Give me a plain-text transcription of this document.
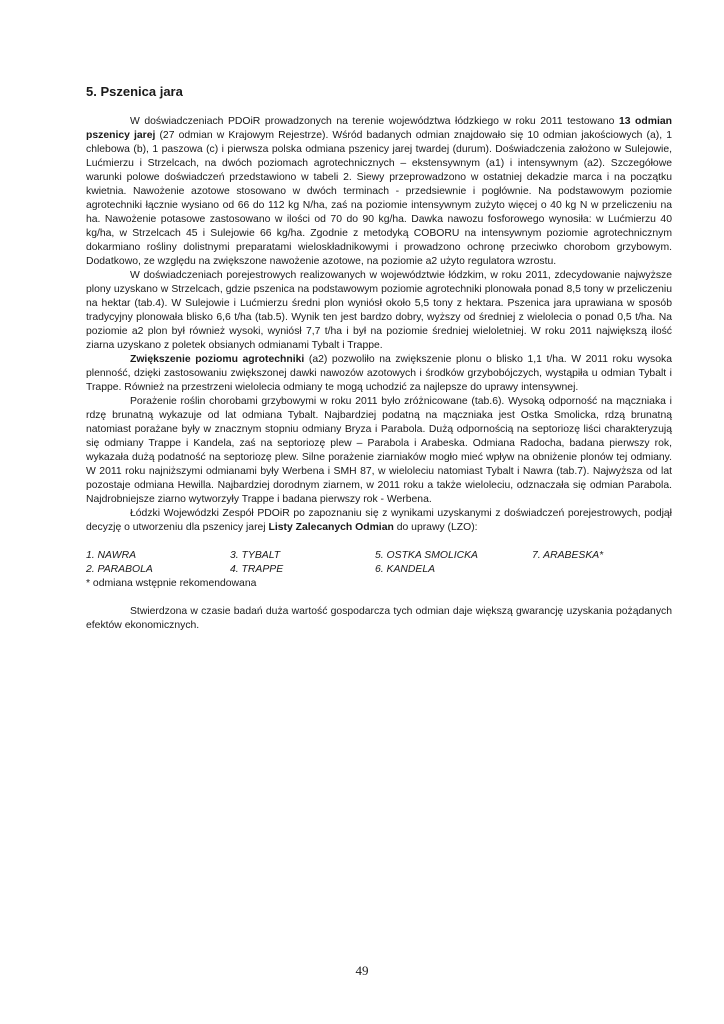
5. Pszenica jara

W doświadczeniach PDOiR prowadzonych na terenie województwa łódzkiego w roku 2011 testowano 13 odmian pszenicy jarej (27 odmian w Krajowym Rejestrze). Wśród badanych odmian znajdowało się 10 odmian jakościowych (a), 1 chlebowa (b), 1 paszowa (c) i pierwsza polska odmiana pszenicy jarej twardej (durum). Doświadczenia założono w Sulejowie, Lućmierzu i Strzelcach, na dwóch poziomach agrotechnicznych – ekstensywnym (a1) i intensywnym (a2). Szczegółowe warunki polowe doświadczeń przedstawiono w tabeli 2. Siewy przeprowadzono w ostatniej dekadzie marca i na początku kwietnia. Nawożenie azotowe stosowano w dwóch terminach - przedsiewnie i pogłównie. Na podstawowym poziomie agrotechniki łącznie wysiano od 66 do 112 kg N/ha, zaś na poziomie intensywnym zużyto więcej o 40 kg N w przeliczeniu na ha. Nawożenie potasowe zastosowano w ilości od 70 do 90 kg/ha. Dawka nawozu fosforowego wynosiła: w Lućmierzu 40 kg/ha, w Strzelcach 45 i Sulejowie 66 kg/ha. Zgodnie z metodyką COBORU na intensywnym poziomie agrotechnicznym dokarmiano rośliny dolistnymi preparatami wieloskładnikowymi i prowadzono ochronę przeciwko chorobom grzybowym. Dodatkowo, ze względu na zwiększone nawożenie azotowe, na poziomie a2 użyto regulatora wzrostu.

W doświadczeniach porejestrowych realizowanych w województwie łódzkim, w roku 2011, zdecydowanie najwyższe plony uzyskano w Strzelcach, gdzie pszenica na podstawowym poziomie agrotechniki plonowała ponad 8,5 tony w przeliczeniu na hektar (tab.4). W Sulejowie i Lućmierzu średni plon wyniósł około 5,5 tony z hektara. Pszenica jara uprawiana w sposób tradycyjny plonowała blisko 6,6 t/ha (tab.5). Wynik ten jest bardzo dobry, wyższy od średniej z wielolecia o ponad 0,5 t/ha. Na poziomie a2 plon był również wysoki, wyniósł 7,7 t/ha i był na poziomie średniej wieloletniej. W roku 2011 największą ilość ziarna uzyskano z poletek obsianych odmianami Tybalt i Trappe.

Zwiększenie poziomu agrotechniki (a2) pozwoliło na zwiększenie plonu o blisko 1,1 t/ha. W 2011 roku wysoka plenność, dzięki zastosowaniu zwiększonej dawki nawozów azotowych i środków grzybobójczych, wystąpiła u odmian Tybalt i Trappe. Również na przestrzeni wielolecia odmiany te mogą uchodzić za najlepsze do uprawy intensywnej.

Porażenie roślin chorobami grzybowymi w roku 2011 było zróżnicowane (tab.6). Wysoką odporność na mączniaka i rdzę brunatną wykazuje od lat odmiana Tybalt. Najbardziej podatną na mączniaka jest Ostka Smolicka, rdzą brunatną natomiast porażane były w znacznym stopniu odmiany Bryza i Parabola. Dużą odpornością na septoriozę liści charakteryzują się odmiany Trappe i Kandela, zaś na septoriozę plew – Parabola i Arabeska. Odmiana Radocha, badana pierwszy rok, wykazała dużą podatność na septoriozę plew. Silne porażenie ziarniaków mogło mieć wpływ na obniżenie plonów tej odmiany. W 2011 roku najniższymi odmianami były Werbena i SMH 87, w wieloleciu natomiast Tybalt i Nawra (tab.7). Najwyższa od lat pozostaje odmiana Hewilla. Najbardziej dorodnym ziarnem, w 2011 roku a także wieloleciu, odznaczała się odmian Parabola. Najdrobniejsze ziarno wytworzyły Trappe i badana pierwszy rok - Werbena.

Łódzki Wojewódzki Zespół PDOiR po zapoznaniu się z wynikami uzyskanymi z doświadczeń porejestrowych, podjął decyzję o utworzeniu dla pszenicy jarej Listy Zalecanych Odmian do uprawy (LZO):

1. NAWRA	3. TYBALT	5. OSTKA SMOLICKA	7. ARABESKA*
2. PARABOLA	4. TRAPPE	6. KANDELA
* odmiana wstępnie rekomendowana

Stwierdzona w czasie badań duża wartość gospodarcza tych odmian daje większą gwarancję uzyskania pożądanych efektów ekonomicznych.

49
